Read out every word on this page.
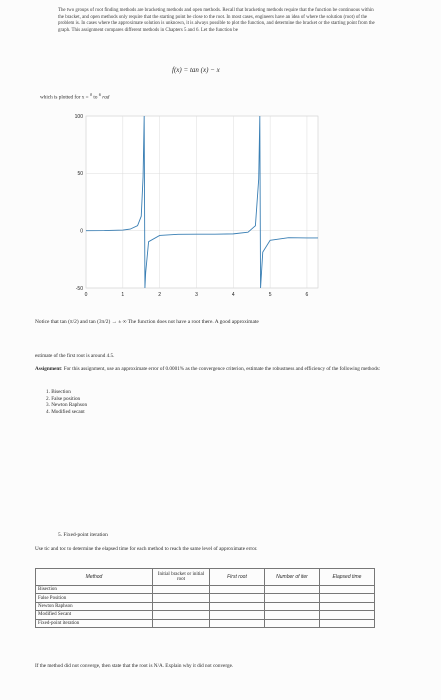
The two groups of root finding methods are bracketing methods and open methods. Recall that bracketing methods require that the function be continuous within the bracket, and open methods only require that the starting point be close to the root. In most cases, engineers have an idea of where the solution (root) of the problem is. In cases where the approximate solution is unknown, it is always possible to plot the function, and determine the bracket or the starting point from the graph. This assignment compares different methods in Chapters 5 and 6. Let the function be
f(x) = tan (x) − x
which is plotted for x = $^0$ to $^6$ rad
100
50
0
-50
0	1	2	3	4	5	6
Notice that tan (π/2) and tan (3π/2) → ± ∞ The function does not have a root there. A good approximate
estimate of the first root is around 4.5.
Assignment: For this assignment, use an approximate error of 0.0001% as the convergence criterion, estimate the robustness and efficiency of the following methods:
1. Bisection
2. False position
3. Newton Raphson
4. Modified secant
5. Fixed-point iteration
Use tic and toc to determine the elapsed time for each method to reach the same level of approximate error.
Method	Initial bracket or initial root	First root	Number of iter	Elapsed time
Bisection				
False Position				
Newton Raphson				
Modified Secant				
Fixed-point iteration				
If the method did not converge, then state that the root is N/A. Explain why it did not converge.
